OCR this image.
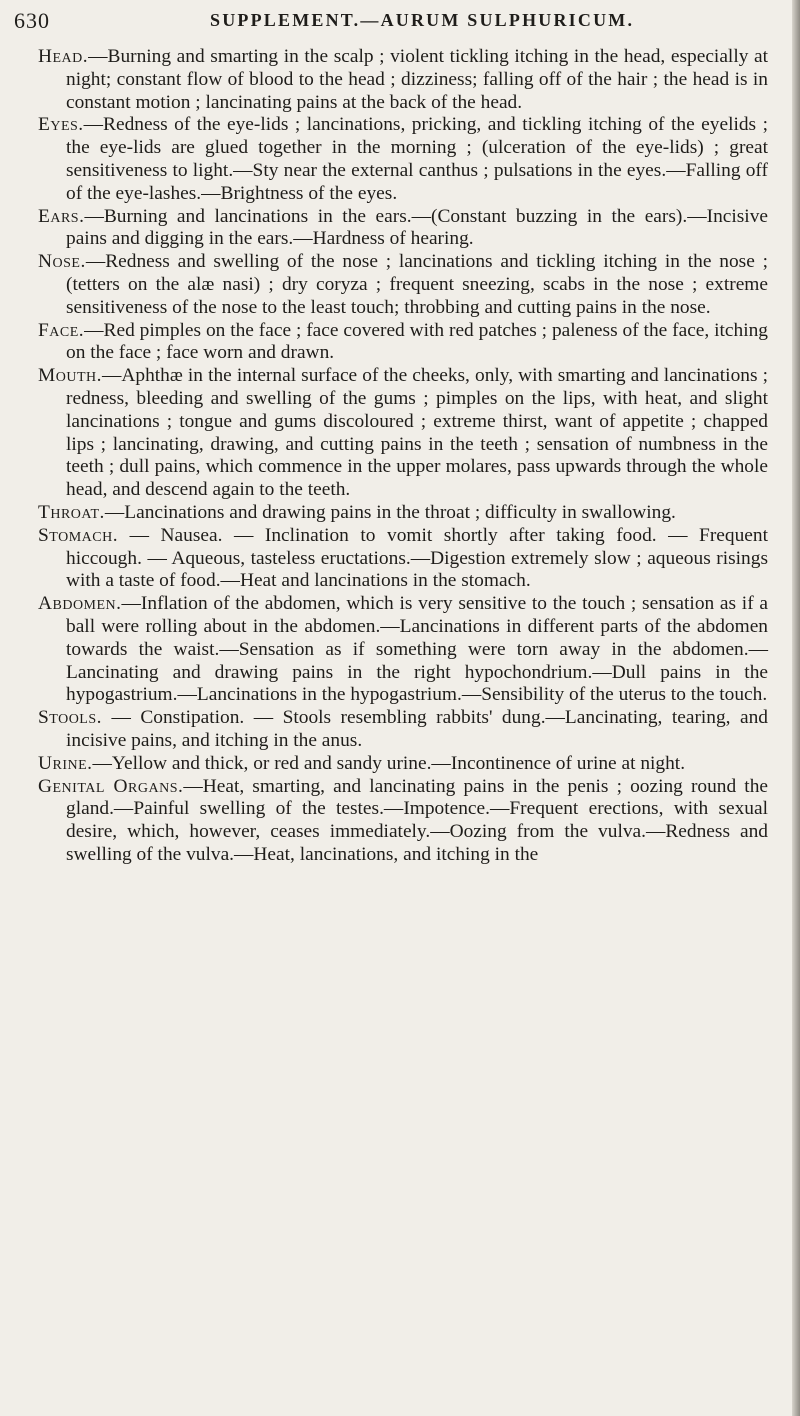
630	SUPPLEMENT.—AURUM SULPHURICUM.

Head.—Burning and smarting in the scalp ; violent tickling itching in the head, especially at night; constant flow of blood to the head ; dizziness; falling off of the hair ; the head is in constant motion ; lancinating pains at the back of the head.

Eyes.—Redness of the eye-lids ; lancinations, pricking, and tickling itching of the eyelids ; the eye-lids are glued together in the morning ; (ulceration of the eye-lids) ; great sensitiveness to light.—Sty near the external canthus ; pulsations in the eyes.—Falling off of the eye-lashes.—Brightness of the eyes.

Ears.—Burning and lancinations in the ears.—(Constant buzzing in the ears).—Incisive pains and digging in the ears.—Hardness of hearing.

Nose.—Redness and swelling of the nose ; lancinations and tickling itching in the nose ; (tetters on the alæ nasi) ; dry coryza ; frequent sneezing, scabs in the nose ; extreme sensitiveness of the nose to the least touch; throbbing and cutting pains in the nose.

Face.—Red pimples on the face ; face covered with red patches ; paleness of the face, itching on the face ; face worn and drawn.

Mouth.—Aphthæ in the internal surface of the cheeks, only, with smarting and lancinations ; redness, bleeding and swelling of the gums ; pimples on the lips, with heat, and slight lancinations ; tongue and gums discoloured ; extreme thirst, want of appetite ; chapped lips ; lancinating, drawing, and cutting pains in the teeth ; sensation of numbness in the teeth ; dull pains, which commence in the upper molares, pass upwards through the whole head, and descend again to the teeth.

Throat.—Lancinations and drawing pains in the throat ; difficulty in swallowing.

Stomach. — Nausea. — Inclination to vomit shortly after taking food. — Frequent hiccough. — Aqueous, tasteless eructations.—Digestion extremely slow ; aqueous risings with a taste of food.—Heat and lancinations in the stomach.

Abdomen.—Inflation of the abdomen, which is very sensitive to the touch ; sensation as if a ball were rolling about in the abdomen.—Lancinations in different parts of the abdomen towards the waist.—Sensation as if something were torn away in the abdomen.—Lancinating and drawing pains in the right hypochondrium.—Dull pains in the hypogastrium.—Lancinations in the hypogastrium.—Sensibility of the uterus to the touch.

Stools. — Constipation. — Stools resembling rabbits' dung.—Lancinating, tearing, and incisive pains, and itching in the anus.

Urine.—Yellow and thick, or red and sandy urine.—Incontinence of urine at night.

Genital Organs.—Heat, smarting, and lancinating pains in the penis ; oozing round the gland.—Painful swelling of the testes.—Impotence.—Frequent erections, with sexual desire, which, however, ceases immediately.—Oozing from the vulva.—Redness and swelling of the vulva.—Heat, lancinations, and itching in the
